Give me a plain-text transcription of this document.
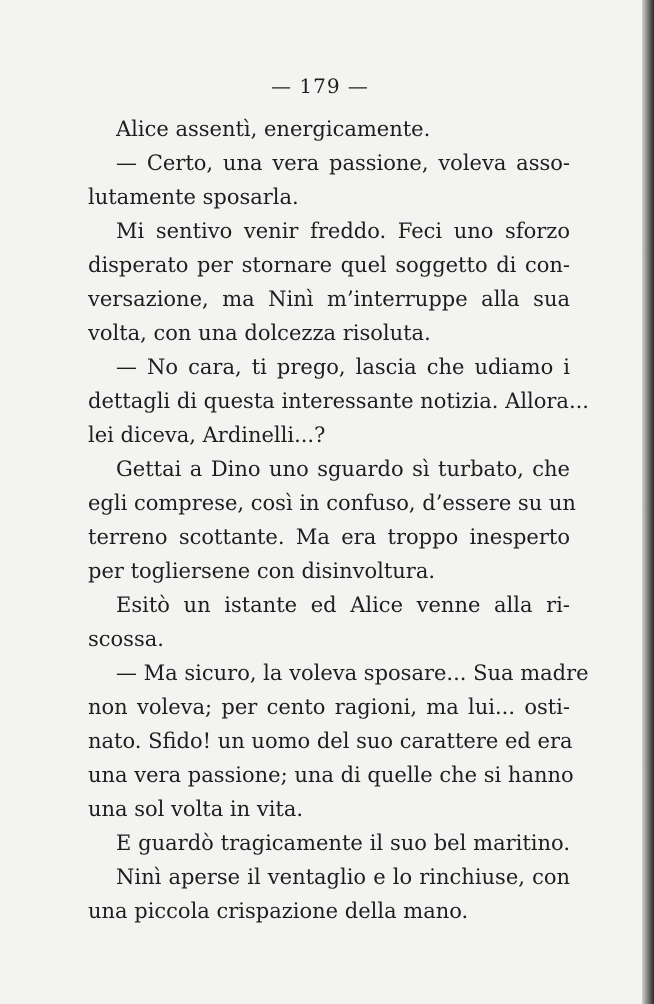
— 179 —
Alice assentì, energicamente.
— Certo, una vera passione, voleva asso-
lutamente sposarla.
Mi sentivo venir freddo. Feci uno sforzo
disperato per stornare quel soggetto di con-
versazione, ma Ninì m’interruppe alla sua
volta, con una dolcezza risoluta.
— No cara, ti prego, lascia che udiamo i
dettagli di questa interessante notizia. Allora...
lei diceva, Ardinelli...?
Gettai a Dino uno sguardo sì turbato, che
egli comprese, così in confuso, d’essere su un
terreno scottante. Ma era troppo inesperto
per togliersene con disinvoltura.
Esitò un istante ed Alice venne alla ri-
scossa.
— Ma sicuro, la voleva sposare... Sua madre
non voleva; per cento ragioni, ma lui... osti-
nato. Sfido! un uomo del suo carattere ed era
una vera passione; una di quelle che si hanno
una sol volta in vita.
E guardò tragicamente il suo bel maritino.
Ninì aperse il ventaglio e lo rinchiuse, con
una piccola crispazione della mano.
